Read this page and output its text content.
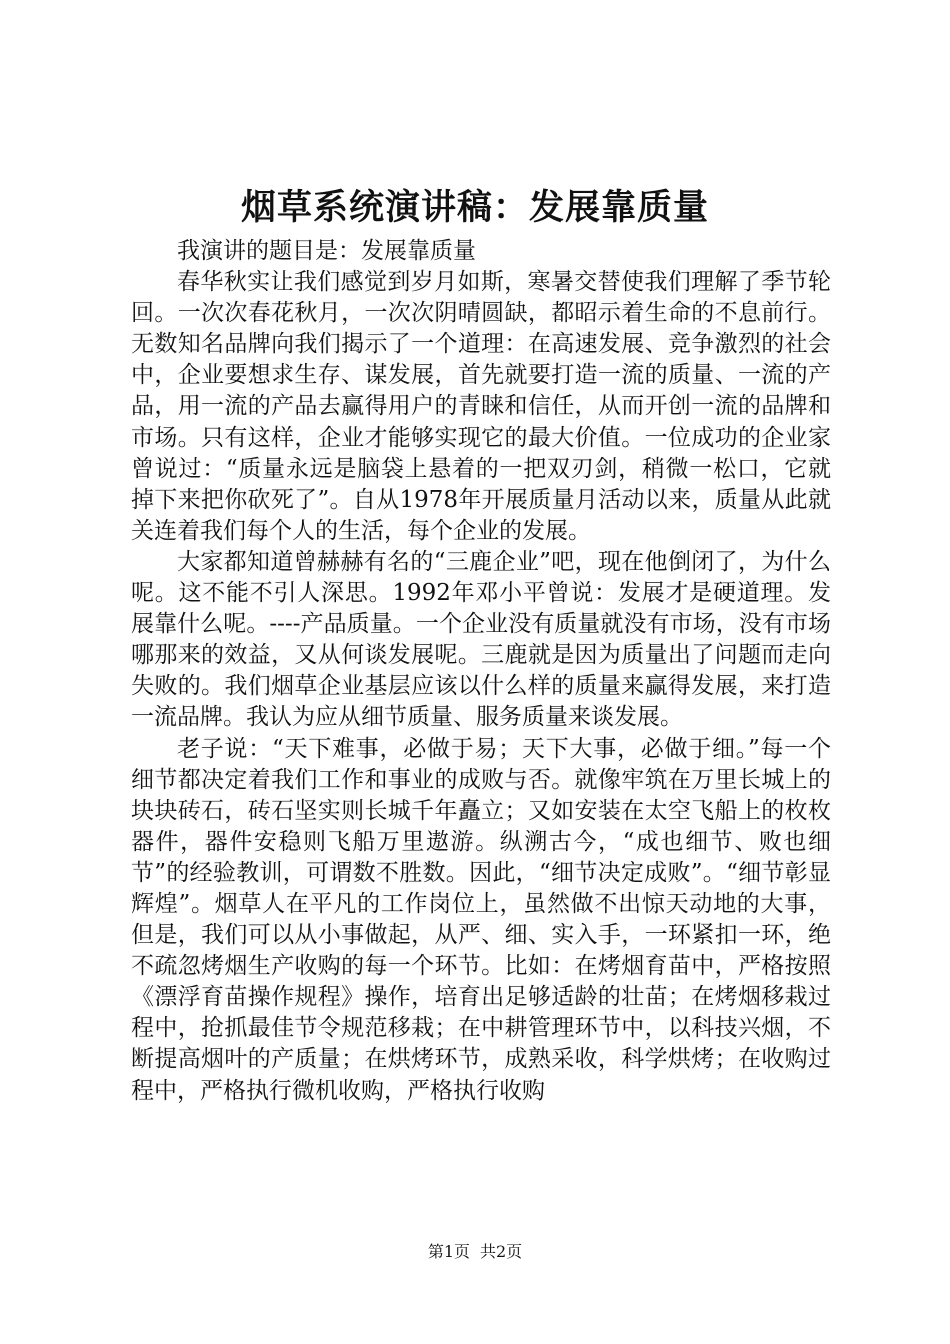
烟草系统演讲稿：发展靠质量

我演讲的题目是：发展靠质量

春华秋实让我们感觉到岁月如斯，寒暑交替使我们理解了季节轮回。一次次春花秋月，一次次阴晴圆缺，都昭示着生命的不息前行。无数知名品牌向我们揭示了一个道理：在高速发展、竞争激烈的社会中，企业要想求生存、谋发展，首先就要打造一流的质量、一流的产品，用一流的产品去赢得用户的青睐和信任，从而开创一流的品牌和市场。只有这样，企业才能够实现它的最大价值。一位成功的企业家曾说过：“质量永远是脑袋上悬着的一把双刃剑，稍微一松口，它就掉下来把你砍死了”。自从1978年开展质量月活动以来，质量从此就关连着我们每个人的生活，每个企业的发展。

大家都知道曾赫赫有名的“三鹿企业”吧，现在他倒闭了，为什么呢。这不能不引人深思。1992年邓小平曾说：发展才是硬道理。发展靠什么呢。----产品质量。一个企业没有质量就没有市场，没有市场哪那来的效益，又从何谈发展呢。三鹿就是因为质量出了问题而走向失败的。我们烟草企业基层应该以什么样的质量来赢得发展，来打造一流品牌。我认为应从细节质量、服务质量来谈发展。

老子说：“天下难事，必做于易；天下大事，必做于细。”每一个细节都决定着我们工作和事业的成败与否。就像牢筑在万里长城上的块块砖石，砖石坚实则长城千年矗立；又如安装在太空飞船上的枚枚器件，器件安稳则飞船万里遨游。纵溯古今，“成也细节、败也细节”的经验教训，可谓数不胜数。因此，“细节决定成败”。“细节彰显辉煌”。烟草人在平凡的工作岗位上，虽然做不出惊天动地的大事，但是，我们可以从小事做起，从严、细、实入手，一环紧扣一环，绝不疏忽烤烟生产收购的每一个环节。比如：在烤烟育苗中，严格按照《漂浮育苗操作规程》操作，培育出足够适龄的壮苗；在烤烟移栽过程中，抢抓最佳节令规范移栽；在中耕管理环节中，以科技兴烟，不断提高烟叶的产质量；在烘烤环节，成熟采收，科学烘烤；在收购过程中，严格执行微机收购，严格执行收购

第1页 共2页
